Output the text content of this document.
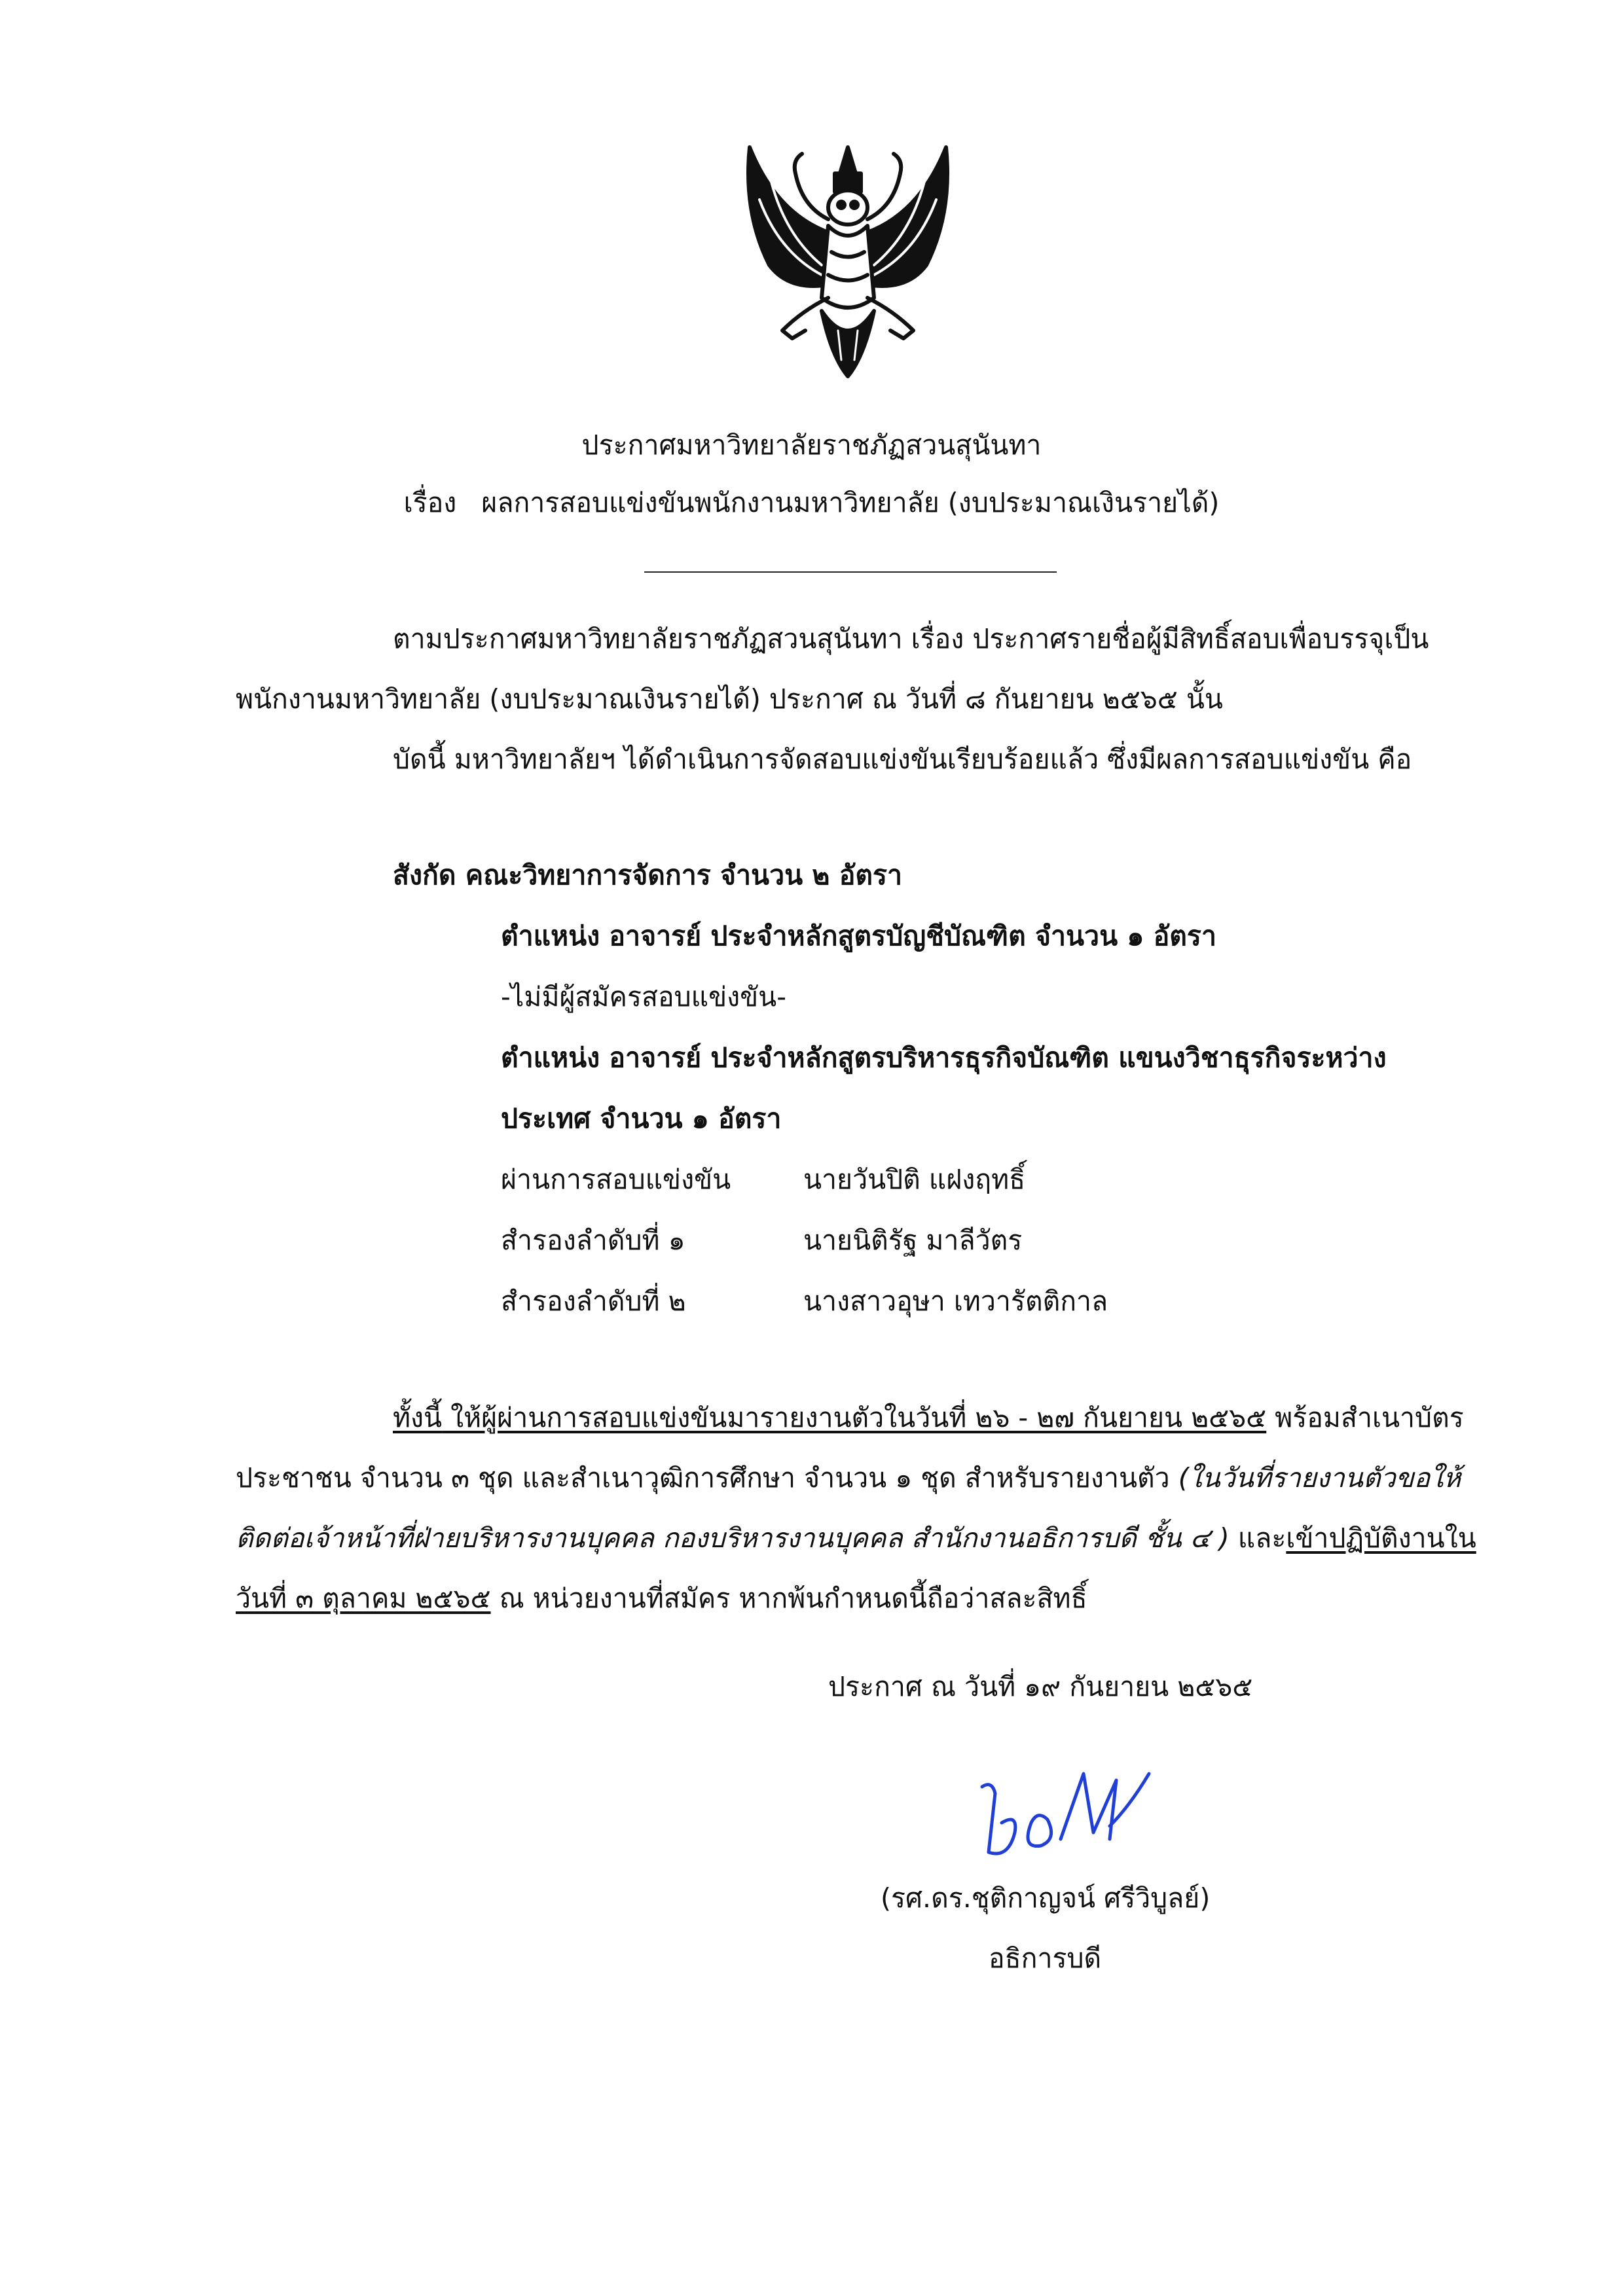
ประกาศมหาวิทยาลัยราชภัฏสวนสุนันทา
เรื่อง ผลการสอบแข่งขันพนักงานมหาวิทยาลัย (งบประมาณเงินรายได้)
ตามประกาศมหาวิทยาลัยราชภัฏสวนสุนันทา เรื่อง ประกาศรายชื่อผู้มีสิทธิ์สอบเพื่อบรรจุเป็น
พนักงานมหาวิทยาลัย (งบประมาณเงินรายได้) ประกาศ ณ วันที่ ๘ กันยายน ๒๕๖๕ นั้น
บัดนี้ มหาวิทยาลัยฯ ได้ดำเนินการจัดสอบแข่งขันเรียบร้อยแล้ว ซึ่งมีผลการสอบแข่งขัน คือ
สังกัด คณะวิทยาการจัดการ จำนวน ๒ อัตรา
ตำแหน่ง อาจารย์ ประจำหลักสูตรบัญชีบัณฑิต จำนวน ๑ อัตรา
-ไม่มีผู้สมัครสอบแข่งขัน-
ตำแหน่ง อาจารย์ ประจำหลักสูตรบริหารธุรกิจบัณฑิต แขนงวิชาธุรกิจระหว่าง
ประเทศ จำนวน ๑ อัตรา
ผ่านการสอบแข่งขัน	นายวันปิติ แฝงฤทธิ์
สำรองลำดับที่ ๑	นายนิติรัฐ มาลีวัตร
สำรองลำดับที่ ๒	นางสาวอุษา เทวารัตติกาล
ทั้งนี้ ให้ผู้ผ่านการสอบแข่งขันมารายงานตัวในวันที่ ๒๖ - ๒๗ กันยายน ๒๕๖๕ พร้อมสำเนาบัตร
ประชาชน จำนวน ๓ ชุด และสำเนาวุฒิการศึกษา จำนวน ๑ ชุด สำหรับรายงานตัว (ในวันที่รายงานตัวขอให้
ติดต่อเจ้าหน้าที่ฝ่ายบริหารงานบุคคล กองบริหารงานบุคคล สำนักงานอธิการบดี ชั้น ๔ ) และเข้าปฏิบัติงานใน
วันที่ ๓ ตุลาคม ๒๕๖๕ ณ หน่วยงานที่สมัคร หากพ้นกำหนดนี้ถือว่าสละสิทธิ์
ประกาศ ณ วันที่ ๑๙ กันยายน ๒๕๖๕
(รศ.ดร.ชุติกาญจน์ ศรีวิบูลย์)
อธิการบดี
